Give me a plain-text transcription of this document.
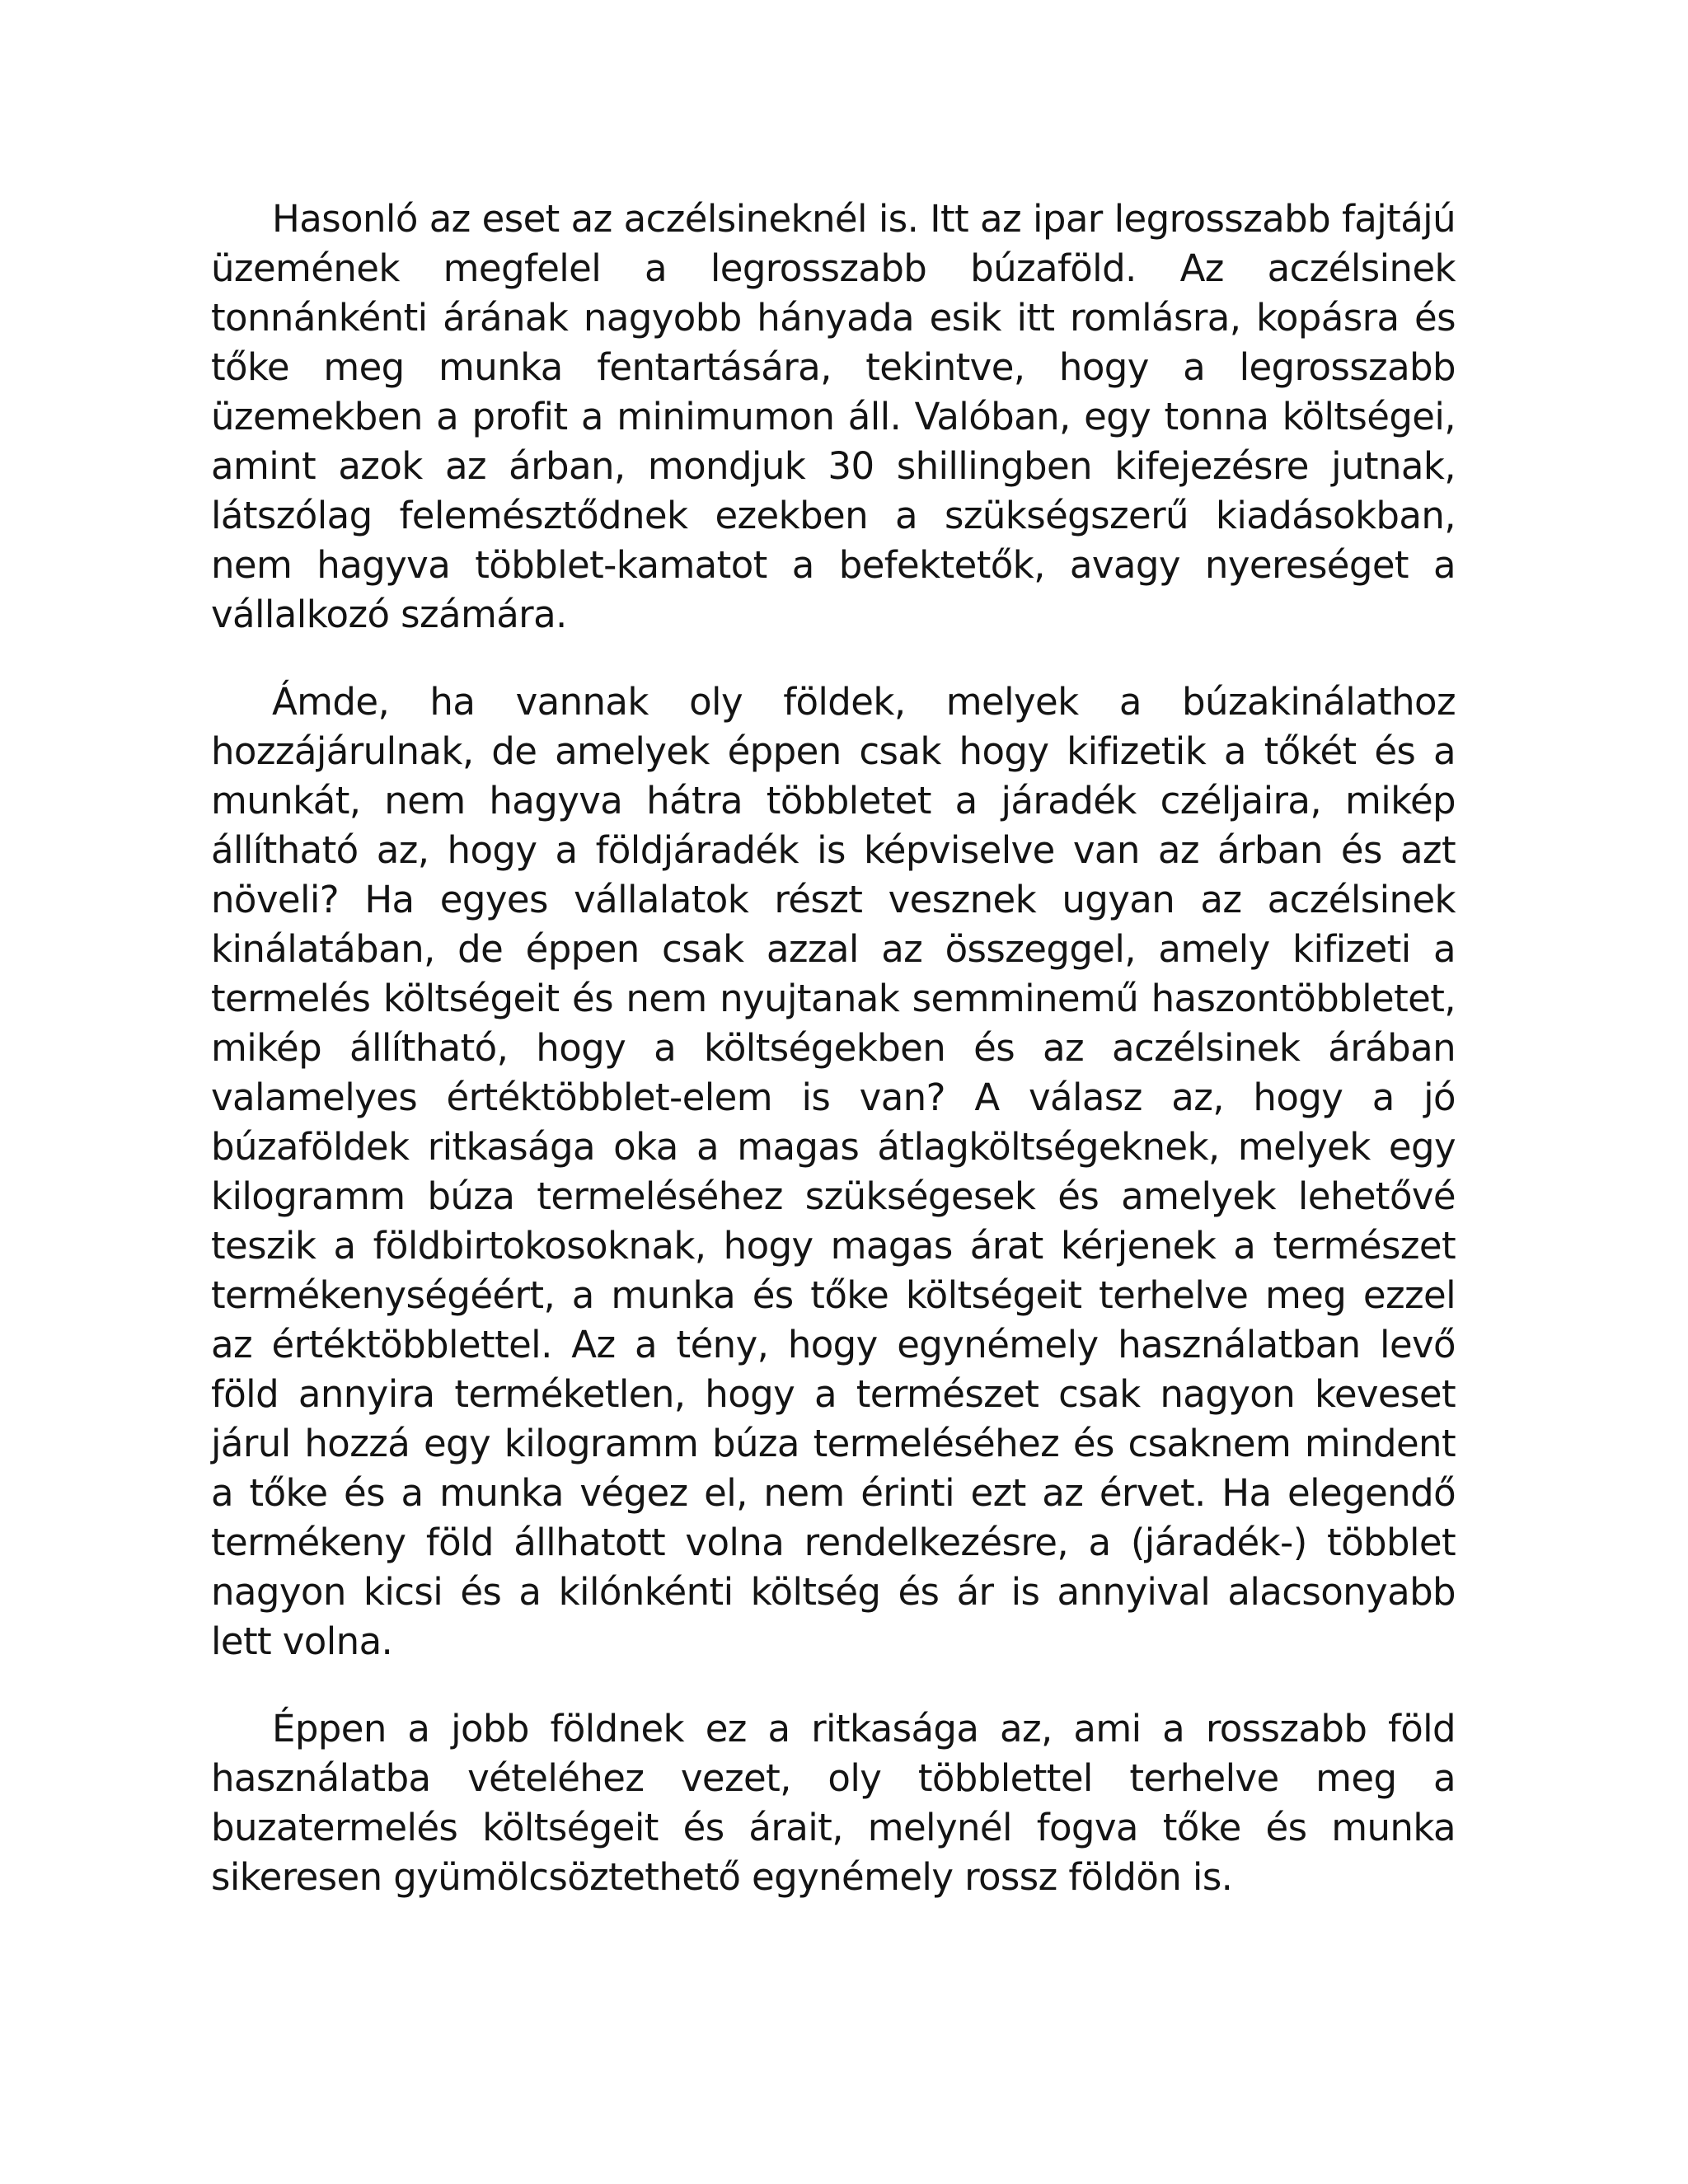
Hasonló az eset az aczélsineknél is. Itt az ipar legrosszabb fajtájú üzemének megfelel a legrosszabb búzaföld. Az aczélsinek tonnánkénti árának nagyobb hányada esik itt romlásra, kopásra és tőke meg munka fentartására, tekintve, hogy a legrosszabb üzemekben a profit a minimumon áll. Valóban, egy tonna költségei, amint azok az árban, mondjuk 30 shillingben kifejezésre jutnak, látszólag felemésztődnek ezekben a szükségszerű kiadásokban, nem hagyva többlet-kamatot a befektetők, avagy nyereséget a vállalkozó számára.

Ámde, ha vannak oly földek, melyek a búzakinálathoz hozzájárulnak, de amelyek éppen csak hogy kifizetik a tőkét és a munkát, nem hagyva hátra többletet a járadék czéljaira, mikép állítható az, hogy a földjáradék is képviselve van az árban és azt növeli? Ha egyes vállalatok részt vesznek ugyan az aczélsinek kinálatában, de éppen csak azzal az összeggel, amely kifizeti a termelés költségeit és nem nyujtanak semminemű haszontöbbletet, mikép állítható, hogy a költségekben és az aczélsinek árában valamelyes értéktöbblet-elem is van? A válasz az, hogy a jó búzaföldek ritkasága oka a magas átlagköltségeknek, melyek egy kilogramm búza termeléséhez szükségesek és amelyek lehetővé teszik a földbirtokosoknak, hogy magas árat kérjenek a természet termékenységéért, a munka és tőke költségeit terhelve meg ezzel az értéktöbblettel. Az a tény, hogy egynémely használatban levő föld annyira terméketlen, hogy a természet csak nagyon keveset járul hozzá egy kilogramm búza termeléséhez és csaknem mindent a tőke és a munka végez el, nem érinti ezt az érvet. Ha elegendő termékeny föld állhatott volna rendelkezésre, a (járadék-) többlet nagyon kicsi és a kilónkénti költség és ár is annyival alacsonyabb lett volna.

Éppen a jobb földnek ez a ritkasága az, ami a rosszabb föld használatba vételéhez vezet, oly többlettel terhelve meg a buzatermelés költségeit és árait, melynél fogva tőke és munka sikeresen gyümölcsöztethető egynémely rossz földön is.
